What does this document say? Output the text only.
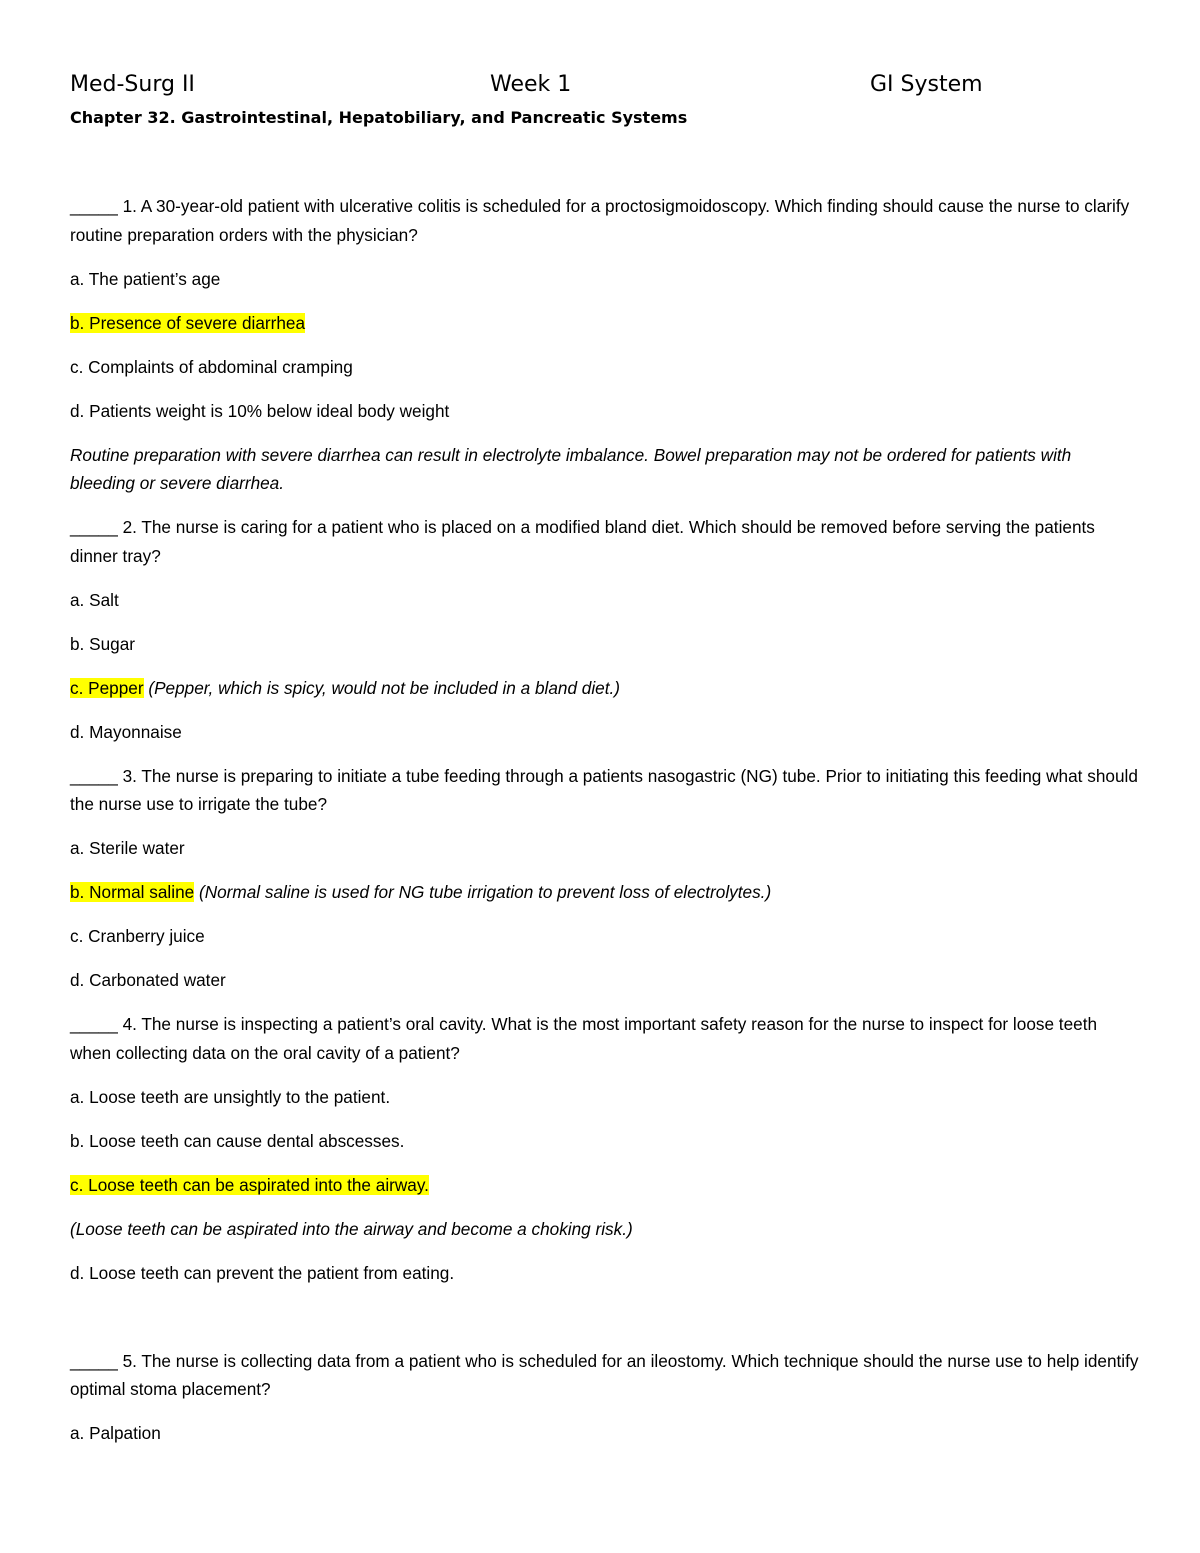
Med-Surg II	Week 1	GI System
Chapter 32. Gastrointestinal, Hepatobiliary, and Pancreatic Systems

_____ 1. A 30-year-old patient with ulcerative colitis is scheduled for a proctosigmoidoscopy. Which finding should cause the nurse to clarify routine preparation orders with the physician?

a. The patient’s age

b. Presence of severe diarrhea

c. Complaints of abdominal cramping

d. Patients weight is 10% below ideal body weight

Routine preparation with severe diarrhea can result in electrolyte imbalance. Bowel preparation may not be ordered for patients with bleeding or severe diarrhea.

_____ 2. The nurse is caring for a patient who is placed on a modified bland diet. Which should be removed before serving the patients dinner tray?

a. Salt

b. Sugar

c. Pepper (Pepper, which is spicy, would not be included in a bland diet.)

d. Mayonnaise

_____ 3. The nurse is preparing to initiate a tube feeding through a patients nasogastric (NG) tube. Prior to initiating this feeding what should the nurse use to irrigate the tube?

a. Sterile water

b. Normal saline (Normal saline is used for NG tube irrigation to prevent loss of electrolytes.)

c. Cranberry juice

d. Carbonated water

_____ 4. The nurse is inspecting a patient’s oral cavity. What is the most important safety reason for the nurse to inspect for loose teeth when collecting data on the oral cavity of a patient?

a. Loose teeth are unsightly to the patient.

b. Loose teeth can cause dental abscesses.

c. Loose teeth can be aspirated into the airway.

(Loose teeth can be aspirated into the airway and become a choking risk.)

d. Loose teeth can prevent the patient from eating.

_____ 5. The nurse is collecting data from a patient who is scheduled for an ileostomy. Which technique should the nurse use to help identify optimal stoma placement?

a. Palpation
